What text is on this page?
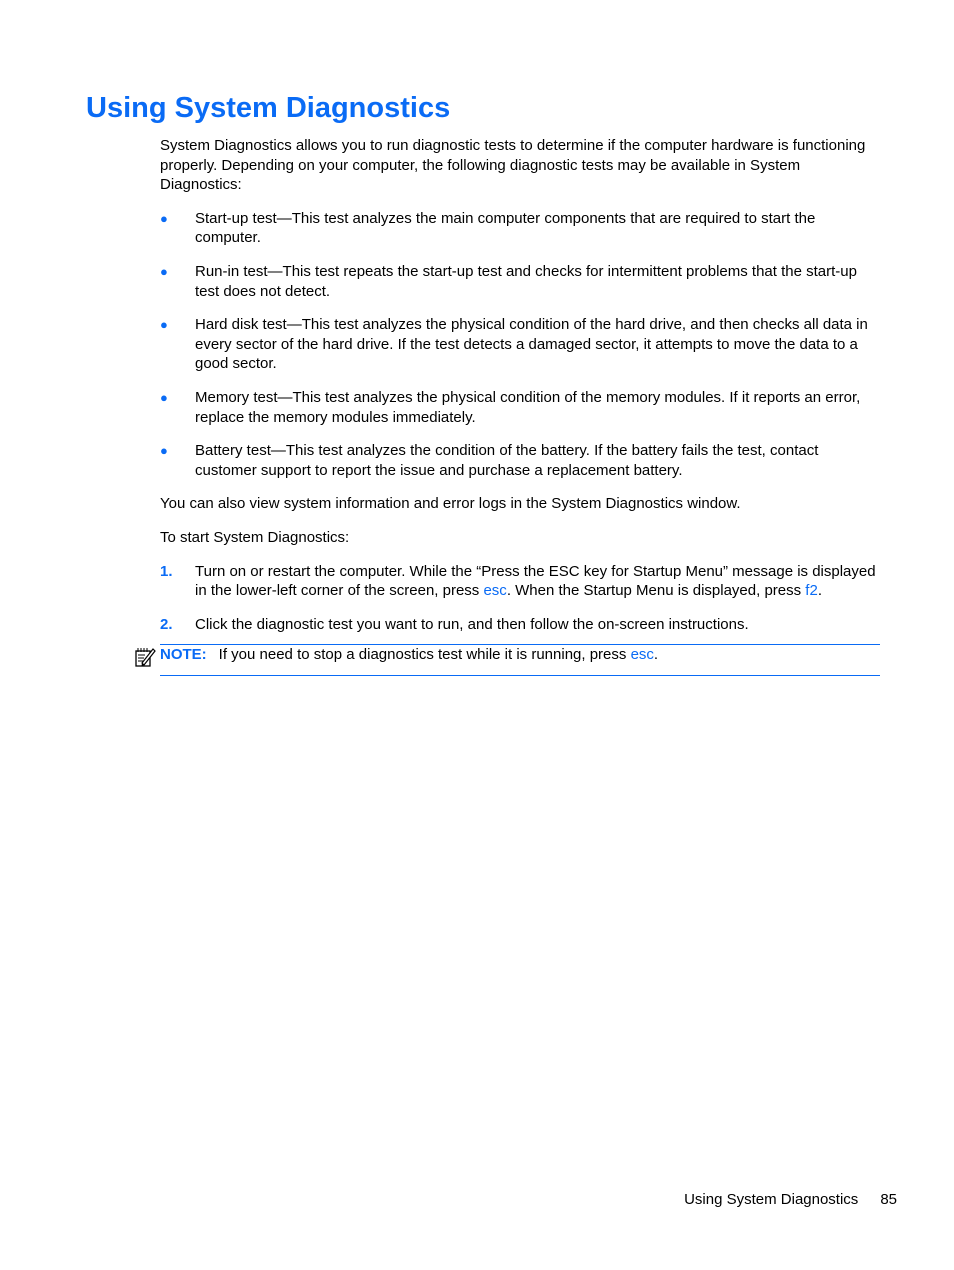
Using System Diagnostics

System Diagnostics allows you to run diagnostic tests to determine if the computer hardware is functioning properly. Depending on your computer, the following diagnostic tests may be available in System Diagnostics:

● Start-up test—This test analyzes the main computer components that are required to start the computer.
● Run-in test—This test repeats the start-up test and checks for intermittent problems that the start-up test does not detect.
● Hard disk test—This test analyzes the physical condition of the hard drive, and then checks all data in every sector of the hard drive. If the test detects a damaged sector, it attempts to move the data to a good sector.
● Memory test—This test analyzes the physical condition of the memory modules. If it reports an error, replace the memory modules immediately.
● Battery test—This test analyzes the condition of the battery. If the battery fails the test, contact customer support to report the issue and purchase a replacement battery.

You can also view system information and error logs in the System Diagnostics window.

To start System Diagnostics:

1. Turn on or restart the computer. While the “Press the ESC key for Startup Menu” message is displayed in the lower-left corner of the screen, press esc. When the Startup Menu is displayed, press f2.
2. Click the diagnostic test you want to run, and then follow the on-screen instructions.
NOTE: If you need to stop a diagnostics test while it is running, press esc.
Using System Diagnostics 85
